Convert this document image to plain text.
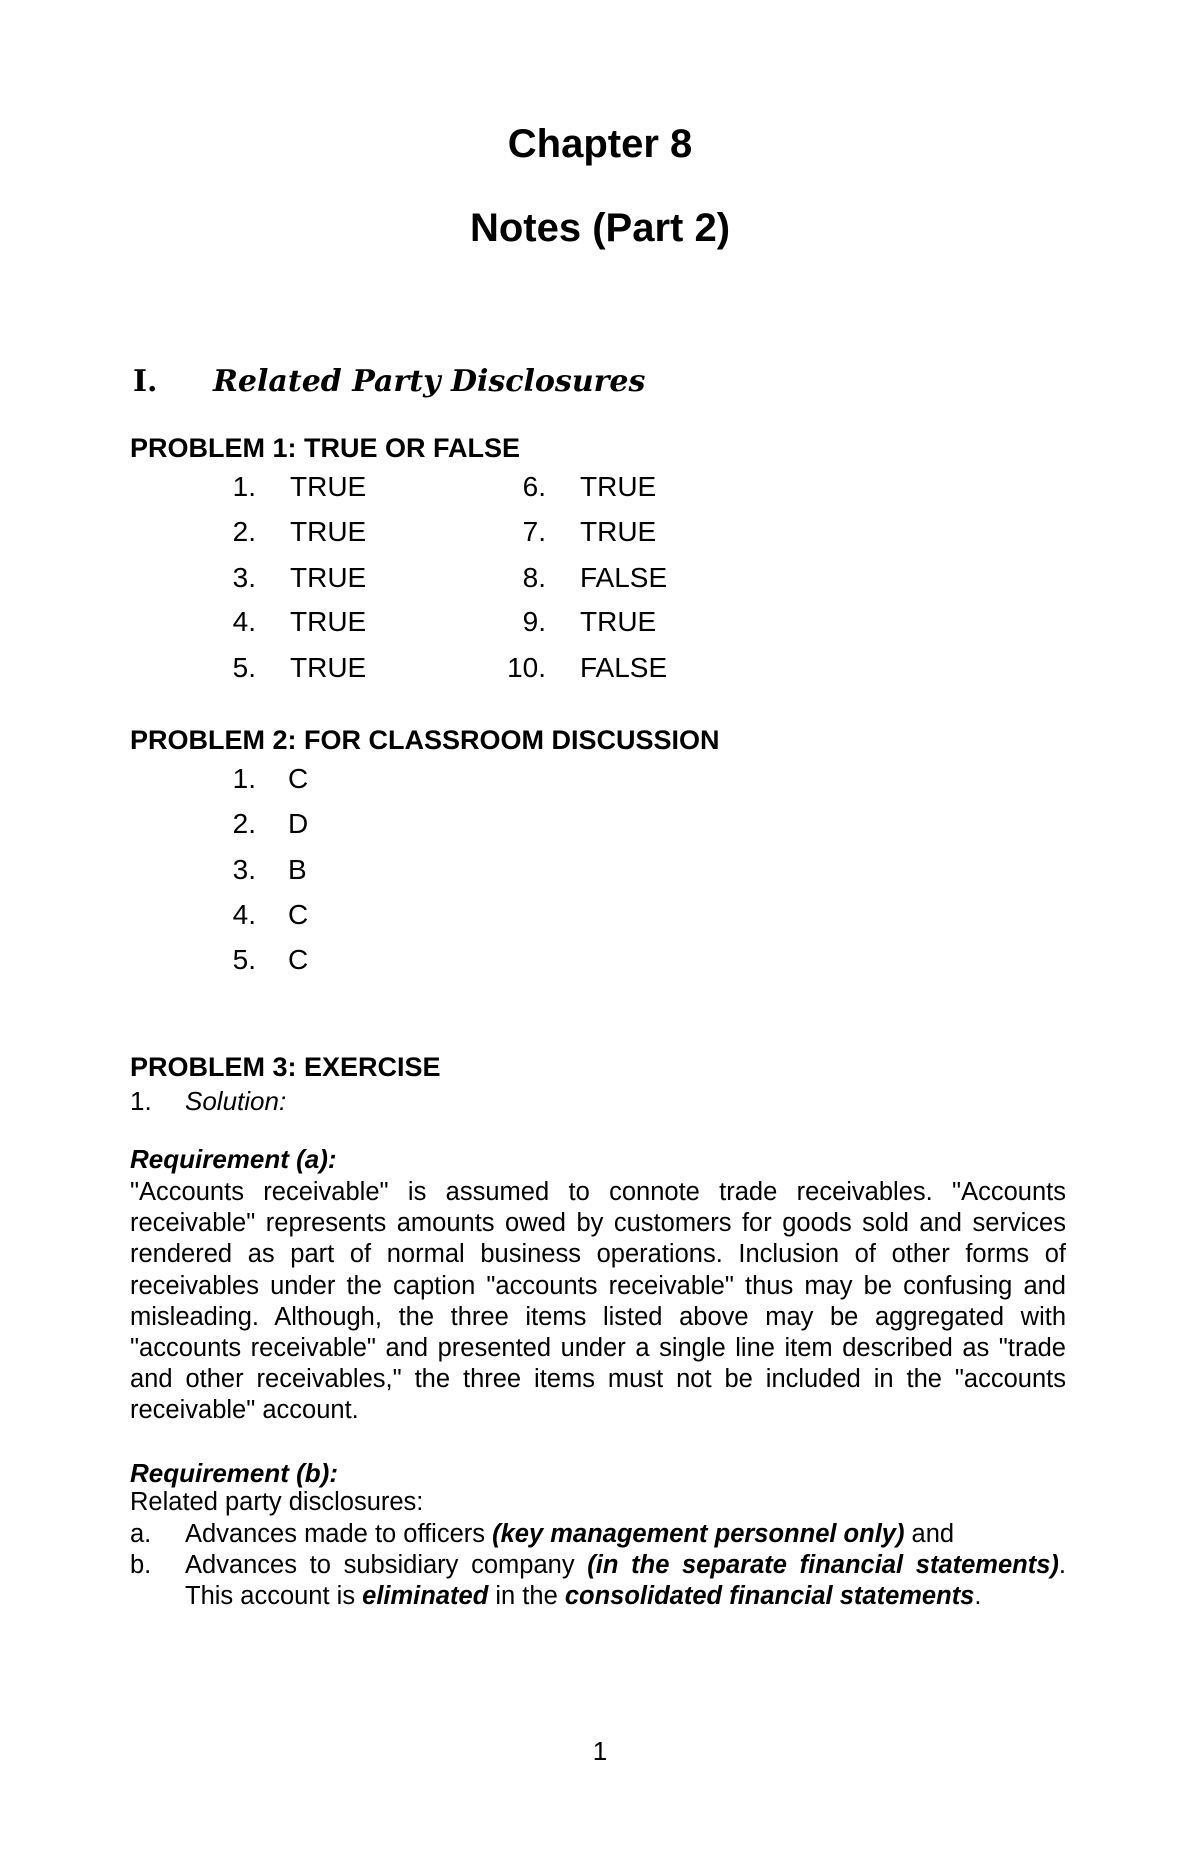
Chapter 8
Notes (Part 2)
I. Related Party Disclosures
PROBLEM 1: TRUE OR FALSE
1. TRUE
2. TRUE
3. TRUE
4. TRUE
5. TRUE
6. TRUE
7. TRUE
8. FALSE
9. TRUE
10. FALSE
PROBLEM 2: FOR CLASSROOM DISCUSSION
1. C
2. D
3. B
4. C
5. C
PROBLEM 3: EXERCISE
1. Solution:
Requirement (a):
"Accounts receivable" is assumed to connote trade receivables. "Accounts receivable" represents amounts owed by customers for goods sold and services rendered as part of normal business operations. Inclusion of other forms of receivables under the caption "accounts receivable" thus may be confusing and misleading. Although, the three items listed above may be aggregated with "accounts receivable" and presented under a single line item described as "trade and other receivables," the three items must not be included in the "accounts receivable" account.
Requirement (b):
Related party disclosures:
a. Advances made to officers (key management personnel only) and
b. Advances to subsidiary company (in the separate financial statements). This account is eliminated in the consolidated financial statements.
1
